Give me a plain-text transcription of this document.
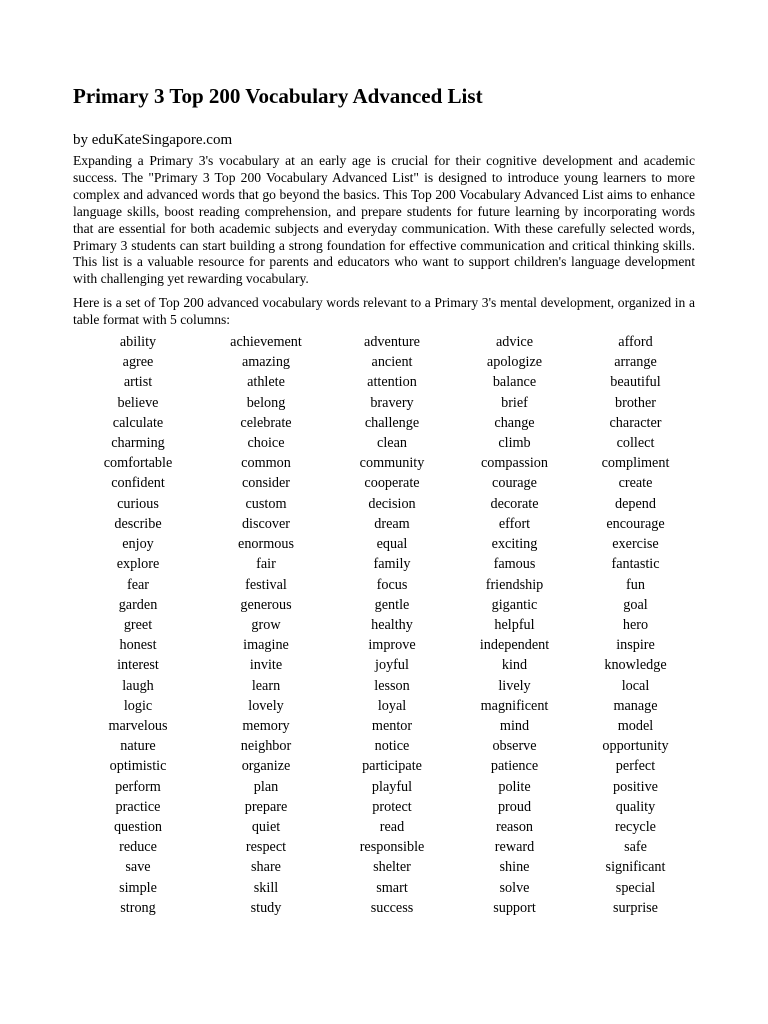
Primary 3 Top 200 Vocabulary Advanced List
by eduKateSingapore.com

Expanding a Primary 3's vocabulary at an early age is crucial for their cognitive development and academic success. The "Primary 3 Top 200 Vocabulary Advanced List" is designed to introduce young learners to more complex and advanced words that go beyond the basics. This Top 200 Vocabulary Advanced List aims to enhance language skills, boost reading comprehension, and prepare students for future learning by incorporating words that are essential for both academic subjects and everyday communication. With these carefully selected words, Primary 3 students can start building a strong foundation for effective communication and critical thinking skills. This list is a valuable resource for parents and educators who want to support children's language development with challenging yet rewarding vocabulary.

Here is a set of Top 200 advanced vocabulary words relevant to a Primary 3's mental development, organized in a table format with 5 columns:

ability	achievement	adventure	advice	afford
agree	amazing	ancient	apologize	arrange
artist	athlete	attention	balance	beautiful
believe	belong	bravery	brief	brother
calculate	celebrate	challenge	change	character
charming	choice	clean	climb	collect
comfortable	common	community	compassion	compliment
confident	consider	cooperate	courage	create
curious	custom	decision	decorate	depend
describe	discover	dream	effort	encourage
enjoy	enormous	equal	exciting	exercise
explore	fair	family	famous	fantastic
fear	festival	focus	friendship	fun
garden	generous	gentle	gigantic	goal
greet	grow	healthy	helpful	hero
honest	imagine	improve	independent	inspire
interest	invite	joyful	kind	knowledge
laugh	learn	lesson	lively	local
logic	lovely	loyal	magnificent	manage
marvelous	memory	mentor	mind	model
nature	neighbor	notice	observe	opportunity
optimistic	organize	participate	patience	perfect
perform	plan	playful	polite	positive
practice	prepare	protect	proud	quality
question	quiet	read	reason	recycle
reduce	respect	responsible	reward	safe
save	share	shelter	shine	significant
simple	skill	smart	solve	special
strong	study	success	support	surprise
